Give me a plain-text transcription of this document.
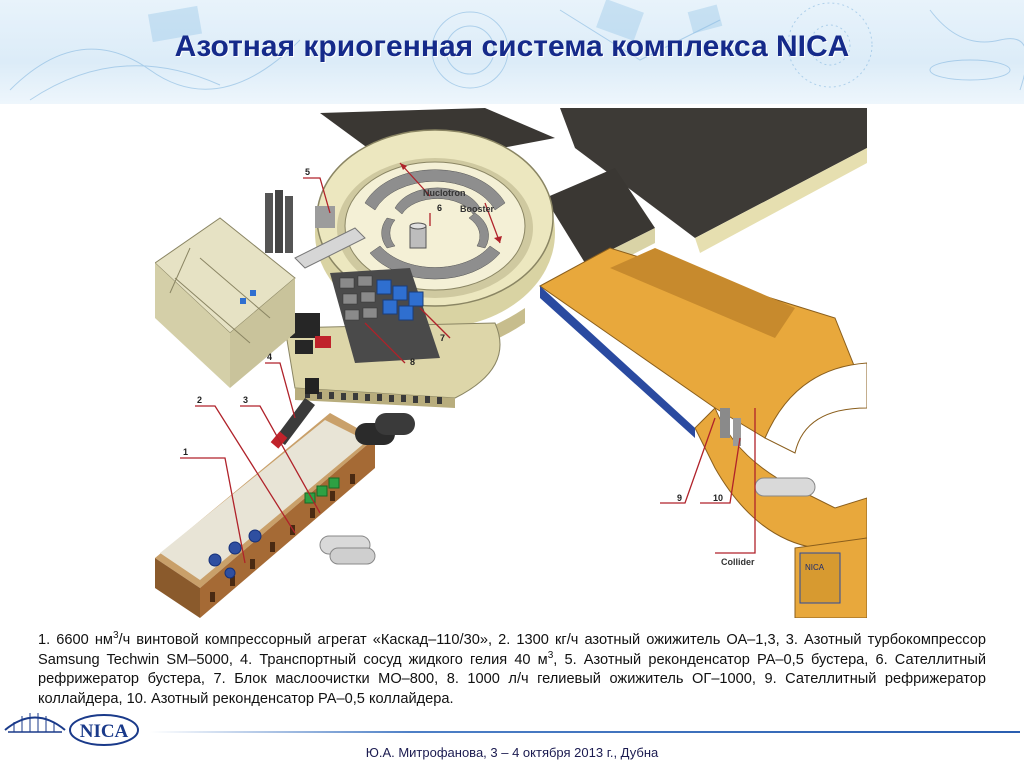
Азотная криогенная система комплекса NICA
NICA
1
2	3
4
5
6
7
8
9	10
Nuclotron
Booster
Collider
1. 6600 $нм^3/ч$ винтовой компрессорный агрегат «Каскад–110/30», 2. 1300 кг/ч азотный ожижитель ОА–1,3, 3. Азотный турбокомпрессор Samsung Techwin SM–5000, 4. Транспортный сосуд жидкого гелия 40 $м^3$, 5. Азотный реконденсатор РА–0,5 бустера, 6. Сателлитный рефрижератор бустера, 7. Блок маслоочистки МО–800, 8. 1000 л/ч гелиевый ожижитель ОГ–1000, 9. Сателлитный рефрижератор коллайдера, 10. Азотный реконденсатор РА–0,5 коллайдера.
NICA
Ю.А. Митрофанова, 3 – 4 октября 2013 г., Дубна
